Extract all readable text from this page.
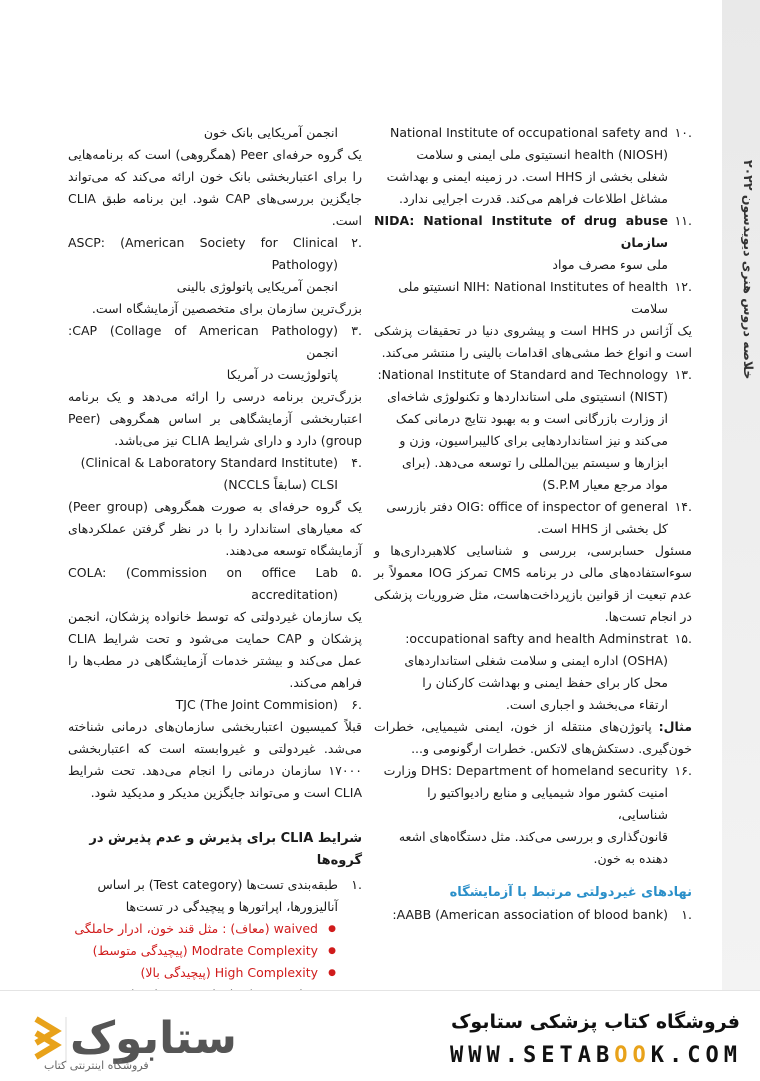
خلاصه دروس هنری دیویدسون ۲۰۲۲
.۱۰
National Institute of occupational safety and
health (NIOSH) انستیتوی ملی ایمنی و سلامت
شغلی بخشی از HHS است. در زمینه ایمنی و بهداشت
مشاغل اطلاعات فراهم می‌کند. قدرت اجرایی ندارد.
.۱۱
NIDA: National Institute of drug abuse سازمان
ملی سوء مصرف مواد
.۱۲
NIH: National Institutes of health انستیتو ملی
سلامت

یک آژانس در HHS است و پیشروی دنیا در تحقیقات پزشکی است و انواع خط مشی‌های اقدامات بالینی را منتشر می‌کند.

.۱۳
National Institute of Standard and Technology:
(NIST) انستیتوی ملی استانداردها و تکنولوژی شاخه‌ای
از وزارت بازرگانی است و به بهبود نتایج درمانی کمک
می‌کند و نیز استانداردهایی برای کالیبراسیون، وزن و
ابزارها و سیستم بین‌المللی را توسعه می‌دهد. (برای
مواد مرجع معیار S.P.M)
.۱۴
OIG: office of inspector of general دفتر بازرسی
کل بخشی از HHS است.

مسئول حسابرسی، بررسی و شناسایی کلاهبرداری‌ها و سوءاستفاده‌های مالی در برنامه CMS تمرکز IOG معمولاً بر عدم تبعیت از قوانین بازپرداخت‌هاست، مثل ضروریات پزشکی در انجام تست‌ها.

.۱۵
occupational safty and health Adminstrat:
(OSHA) اداره ایمنی و سلامت شغلی استانداردهای
محل کار برای حفظ ایمنی و بهداشت کارکنان را
ارتقاء می‌بخشد و اجباری است.

مثال: پاتوژن‌های منتقله از خون، ایمنی شیمیایی، خطرات خون‌گیری. دستکش‌های لاتکس. خطرات ارگونومی و...

.۱۶
DHS: Department of homeland security وزارت
امنیت کشور مواد شیمیایی و منابع رادیواکتیو را شناسایی،
قانون‌گذاری و بررسی می‌کند. مثل دستگاه‌های اشعه
دهنده به خون.
نهادهای غیردولتی مرتبط با آزمایشگاه
.۱
AABB (American association of blood bank):
انجمن آمریکایی بانک خون

یک گروه حرفه‌ای Peer (همگروهی) است که برنامه‌هایی را برای اعتباربخشی بانک خون ارائه می‌کند که می‌تواند جایگزین بررسی‌های CAP شود. این برنامه طبق CLIA است.

.۲
ASCP: (American Society for Clinical Pathology)
انجمن آمریکایی پاتولوژی بالینی

بزرگ‌ترین سازمان برای متخصصین آزمایشگاه است.

.۳
CAP (Collage of American Pathology): انجمن
پاتولوژیست در آمریکا

بزرگ‌ترین برنامه درسی را ارائه می‌دهد و یک برنامه اعتباربخشی آزمایشگاهی بر اساس همگروهی (Peer group) دارد و دارای شرایط CLIA نیز می‌باشد.

.۴
(Clinical & Laboratory Standard Institute)
CLSI (سابقاً NCCLS)

یک گروه حرفه‌ای به صورت همگروهی (Peer group) که معیارهای استاندارد را با در نظر گرفتن عملکردهای آزمایشگاه توسعه می‌دهند.

.۵
COLA: (Commission on office Lab accreditation)

یک سازمان غیردولتی که توسط خانواده پزشکان، انجمن پزشکان و CAP حمایت می‌شود و تحت شرایط CLIA عمل می‌کند و بیشتر خدمات آزمایشگاهی در مطب‌ها را فراهم می‌کند.

.۶
TJC (The Joint Commision)

قبلاً کمیسیون اعتباربخشی سازمان‌های درمانی شناخته می‌شد. غیردولتی و غیروابسته است که اعتباربخشی ۱۷۰۰۰ سازمان درمانی را انجام می‌دهد. تحت شرایط CLIA است و می‌تواند جایگزین مدیکر و مدیکید شود.

شرایط CLIA برای پذیرش و عدم پذیرش در گروه‌ها
.۱
طبقه‌بندی تست‌ها (Test category) بر اساس
آنالیزورها، اپراتورها و پیچیدگی در تست‌ها
● waived (معاف) : مثل قند خون، ادرار حاملگی
● Modrate Complexity (پیچیدگی متوسط)
● High Complexity (پیچیدگی بالا)
ستابوک
فروشگاه اینترنتی کتاب
فروشگاه کتاب پزشکی ستابوک
WWW.SETABOOK.COM
